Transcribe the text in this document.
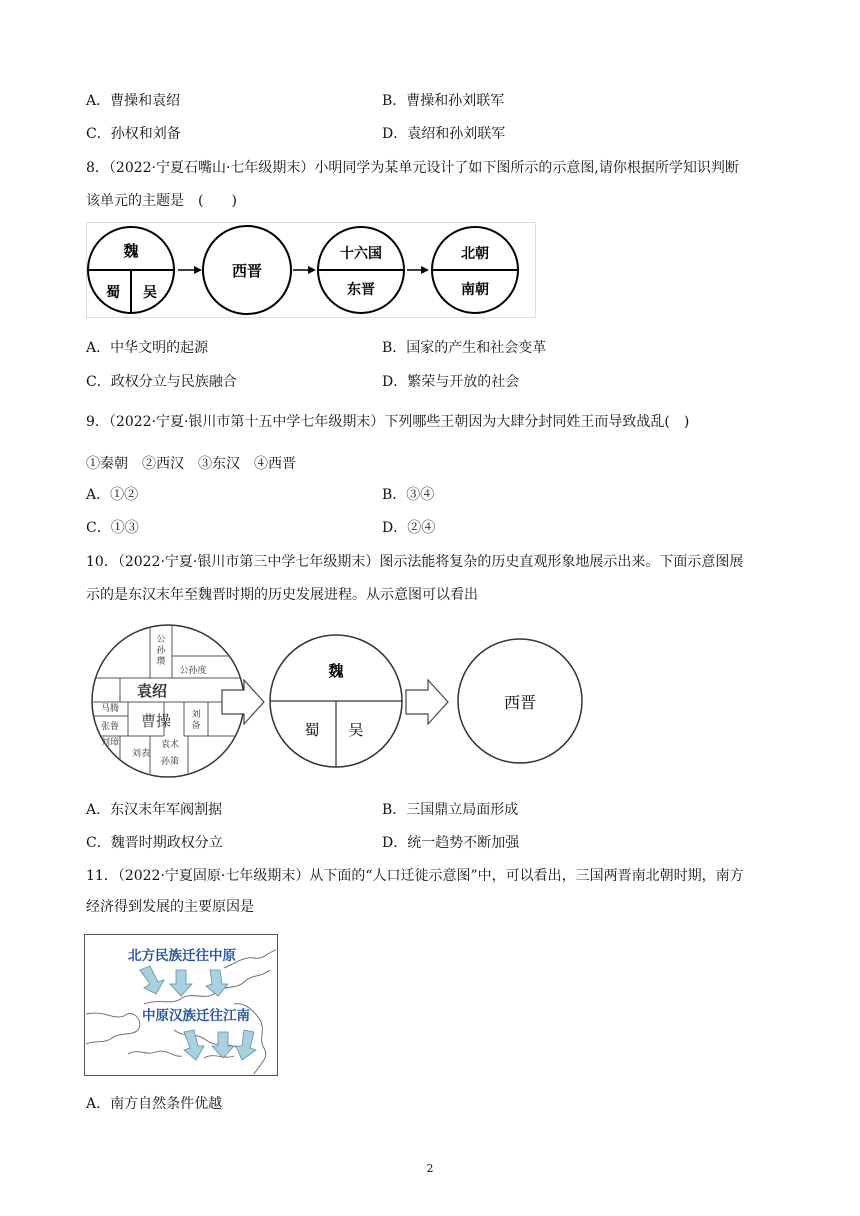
A．曹操和袁绍	B．曹操和孙刘联军
C．孙权和刘备	D．袁绍和孙刘联军
8．（2022·宁夏石嘴山·七年级期末）小明同学为某单元设计了如下图所示的示意图,请你根据所学知识判断
该单元的主题是　(　　)
魏
蜀 吴
西晋
十六国
东晋
北朝
南朝
A．中华文明的起源	B．国家的产生和社会变革
C．政权分立与民族融合	D．繁荣与开放的社会
9．（2022·宁夏·银川市第十五中学七年级期末）下列哪些王朝因为大肆分封同姓王而导致战乱(　)
①秦朝　②西汉　③东汉　④西晋
A．①②	B．③④
C．①③	D．②④
10．（2022·宁夏·银川市第三中学七年级期末）图示法能将复杂的历史直观形象地展示出来。下面示意图展
示的是东汉末年至魏晋时期的历史发展进程。从示意图可以看出
公
孙
瓒
公孙度
袁绍
马腾
张鲁 曹操 刘
备
刘璋
刘表
袁术
孙策
魏
蜀 吴
西晋
A．东汉末年军阀割据	B．三国鼎立局面形成
C．魏晋时期政权分立	D．统一趋势不断加强
11．（2022·宁夏固原·七年级期末）从下面的“人口迁徙示意图”中，可以看出，三国两晋南北朝时期，南方
经济得到发展的主要原因是
北方民族迁往中原
中原汉族迁往江南
A．南方自然条件优越
2
